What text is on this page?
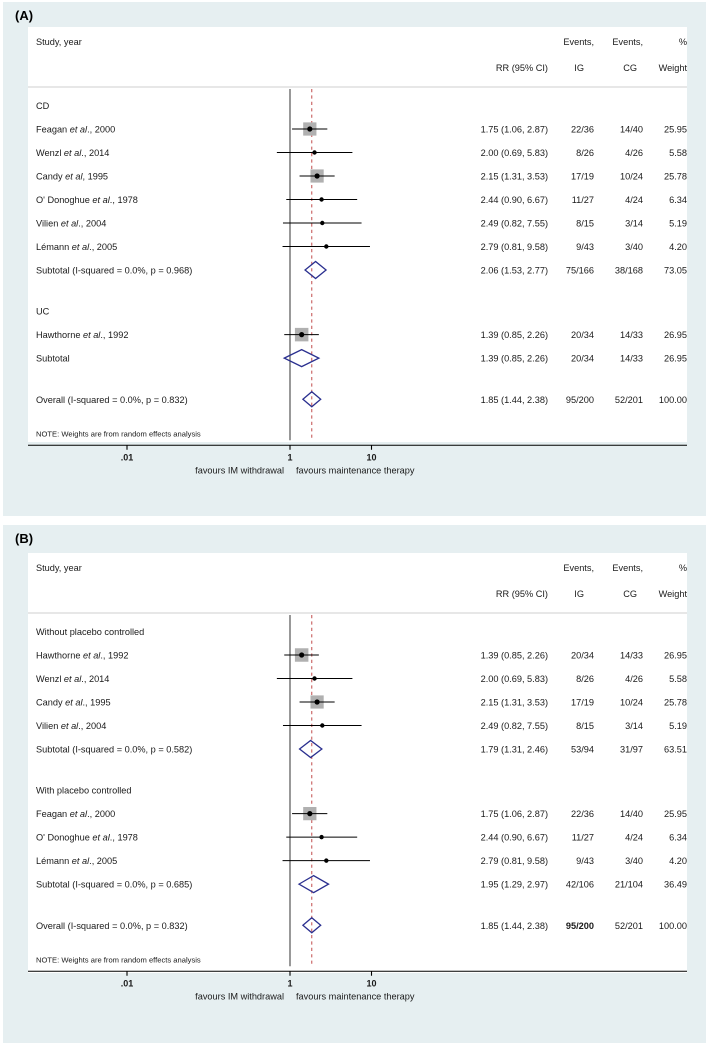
(A)
Study, year	Events, Events,	%
RR (95% CI)	IG	CG Weight
CD
Feagan et al., 2000	1.75 (1.06, 2.87)	22/36	14/40 25.95
Wenzl et al., 2014	2.00 (0.69, 5.83)	8/26	4/26	5.58
Candy et al, 1995	2.15 (1.31, 3.53)	17/19	10/24 25.78
O' Donoghue et al., 1978	2.44 (0.90, 6.67)	11/27	4/24	6.34
Vilien et al., 2004	2.49 (0.82, 7.55)	8/15	3/14	5.19
Lémann et al., 2005	2.79 (0.81, 9.58)	9/43	3/40	4.20
Subtotal (I-squared = 0.0%, p = 0.968)	2.06 (1.53, 2.77) 75/166 38/168 73.05
UC
Hawthorne et al., 1992	1.39 (0.85, 2.26)	20/34	14/33 26.95
Subtotal	1.39 (0.85, 2.26)	20/34	14/33 26.95
Overall (I-squared = 0.0%, p = 0.832)	1.85 (1.44, 2.38) 95/200 52/201 100.00
NOTE: Weights are from random effects analysis
.01	1	10
favours IM withdrawal favours maintenance therapy
(B)
Study, year	Events, Events,	%
RR (95% CI)	IG	CG Weight
Without placebo controlled
Hawthorne et al., 1992	1.39 (0.85, 2.26)	20/34	14/33 26.95
Wenzl et al., 2014	2.00 (0.69, 5.83)	8/26	4/26	5.58
Candy et al., 1995	2.15 (1.31, 3.53)	17/19	10/24 25.78
Vilien et al., 2004	2.49 (0.82, 7.55)	8/15	3/14	5.19
Subtotal (I-squared = 0.0%, p = 0.582)	1.79 (1.31, 2.46)	53/94	31/97 63.51
With placebo controlled
Feagan et al., 2000	1.75 (1.06, 2.87)	22/36	14/40 25.95
O' Donoghue et al., 1978	2.44 (0.90, 6.67)	11/27	4/24	6.34
Lémann et al., 2005	2.79 (0.81, 9.58)	9/43	3/40	4.20
Subtotal (I-squared = 0.0%, p = 0.685)	1.95 (1.29, 2.97) 42/106 21/104 36.49
Overall (I-squared = 0.0%, p = 0.832)	1.85 (1.44, 2.38) 95/200 52/201 100.00
NOTE: Weights are from random effects analysis
.01	1	10
favours IM withdrawal favours maintenance therapy
